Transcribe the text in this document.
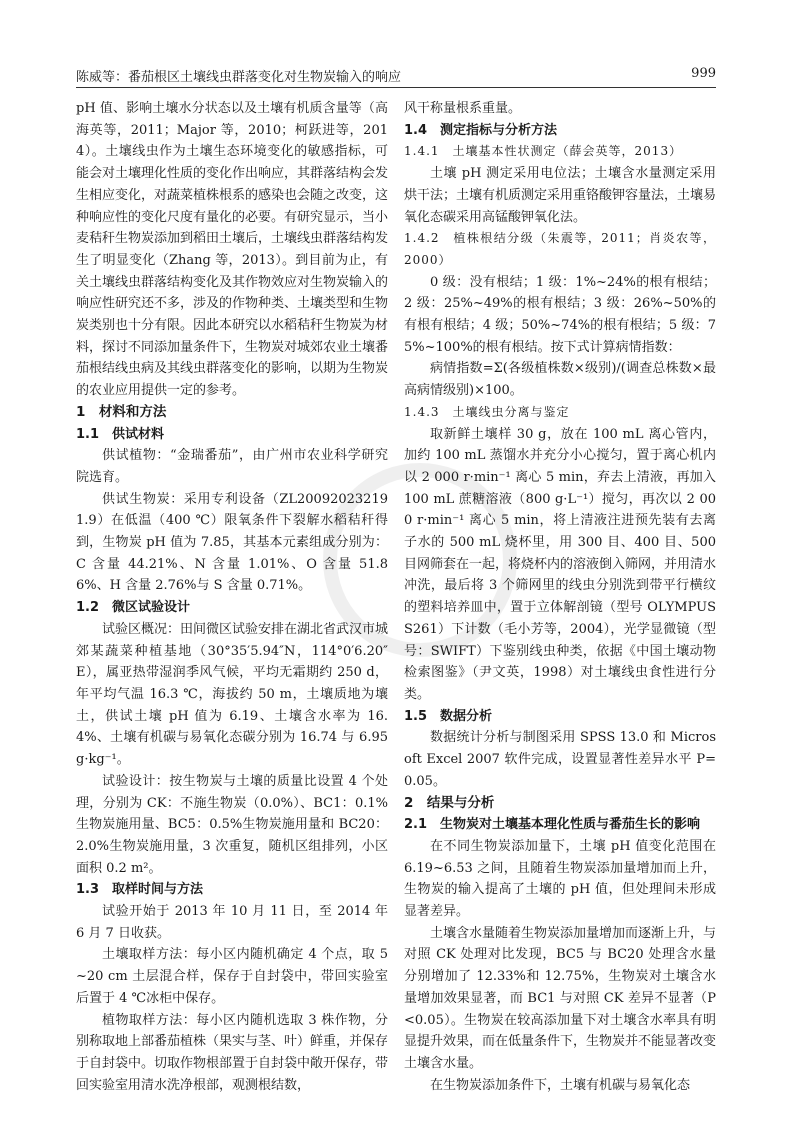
陈威等：番茄根区土壤线虫群落变化对生物炭输入的响应	999

pH 值、影响土壤水分状态以及土壤有机质含量等（高海英等，2011；Major 等，2010；柯跃进等，2014）。土壤线虫作为土壤生态环境变化的敏感指标，可能会对土壤理化性质的变化作出响应，其群落结构会发生相应变化，对蔬菜植株根系的感染也会随之改变，这种响应性的变化尺度有量化的必要。有研究显示，当小麦秸秆生物炭添加到稻田土壤后，土壤线虫群落结构发生了明显变化（Zhang 等，2013）。到目前为止，有关土壤线虫群落结构变化及其作物效应对生物炭输入的响应性研究还不多，涉及的作物种类、土壤类型和生物炭类别也十分有限。因此本研究以水稻秸秆生物炭为材料，探讨不同添加量条件下，生物炭对城郊农业土壤番茄根结线虫病及其线虫群落变化的影响，以期为生物炭的农业应用提供一定的参考。

1　材料和方法

1.1　供试材料

供试植物：“金瑞番茄”，由广州市农业科学研究院选育。

供试生物炭：采用专利设备（ZL200920232191.9）在低温（400 ℃）限氧条件下裂解水稻秸秆得到，生物炭 pH 值为 7.85，其基本元素组成分别为：C 含量 44.21%、N 含量 1.01%、O 含量 51.86%、H 含量 2.76%与 S 含量 0.71%。

1.2　微区试验设计

试验区概况：田间微区试验安排在湖北省武汉市城郊某蔬菜种植基地（30°35′5.94″N，114°0′6.20″E），属亚热带湿润季风气候，平均无霜期约 250 d，年平均气温 16.3 ℃，海拔约 50 m，土壤质地为壤土，供试土壤 pH 值为 6.19、土壤含水率为 16.4%、土壤有机碳与易氧化态碳分别为 16.74 与 6.95 g·kg⁻¹。

试验设计：按生物炭与土壤的质量比设置 4 个处理，分别为 CK：不施生物炭（0.0%）、BC1：0.1%生物炭施用量、BC5：0.5%生物炭施用量和 BC20：2.0%生物炭施用量，3 次重复，随机区组排列，小区面积 0.2 m²。

1.3　取样时间与方法

试验开始于 2013 年 10 月 11 日，至 2014 年 6 月 7 日收获。

土壤取样方法：每小区内随机确定 4 个点，取 5~20 cm 土层混合样，保存于自封袋中，带回实验室后置于 4 ℃冰柜中保存。

植物取样方法：每小区内随机选取 3 株作物，分别称取地上部番茄植株（果实与茎、叶）鲜重，并保存于自封袋中。切取作物根部置于自封袋中敞开保存，带回实验室用清水洗净根部，观测根结数，

风干称量根系重量。

1.4　测定指标与分析方法

1.4.1　土壤基本性状测定（薛会英等，2013）

土壤 pH 测定采用电位法；土壤含水量测定采用烘干法；土壤有机质测定采用重铬酸钾容量法，土壤易氧化态碳采用高锰酸钾氧化法。

1.4.2　植株根结分级（朱震等，2011；肖炎农等，2000）

0 级：没有根结；1 级：1%~24%的根有根结；2 级：25%~49%的根有根结；3 级：26%~50%的有根有根结；4 级；50%~74%的根有根结；5 级：75%~100%的根有根结。按下式计算病情指数：

病情指数=Σ(各级植株数×级别)/(调查总株数×最高病情级别)×100。

1.4.3　土壤线虫分离与鉴定

取新鲜土壤样 30 g，放在 100 mL 离心管内，加约 100 mL 蒸馏水并充分小心搅匀，置于离心机内以 2 000 r·min⁻¹ 离心 5 min，弃去上清液，再加入 100 mL 蔗糖溶液（800 g·L⁻¹）搅匀，再次以 2 000 r·min⁻¹ 离心 5 min，将上清液注进预先装有去离子水的 500 mL 烧杯里，用 300 目、400 目、500 目网筛套在一起，将烧杯内的溶液倒入筛网，并用清水冲洗，最后将 3 个筛网里的线虫分别洗到带平行横纹的塑料培养皿中，置于立体解剖镜（型号 OLYMPUS S261）下计数（毛小芳等，2004），光学显微镜（型号：SWIFT）下鉴别线虫种类，依据《中国土壤动物检索图鉴》（尹文英，1998）对土壤线虫食性进行分类。

1.5　数据分析

数据统计分析与制图采用 SPSS 13.0 和 Microsoft Excel 2007 软件完成，设置显著性差异水平 P=0.05。

2　结果与分析

2.1　生物炭对土壤基本理化性质与番茄生长的影响

在不同生物炭添加量下，土壤 pH 值变化范围在 6.19~6.53 之间，且随着生物炭添加量增加而上升，生物炭的输入提高了土壤的 pH 值，但处理间未形成显著差异。

土壤含水量随着生物炭添加量增加而逐渐上升，与对照 CK 处理对比发现，BC5 与 BC20 处理含水量分别增加了 12.33%和 12.75%，生物炭对土壤含水量增加效果显著，而 BC1 与对照 CK 差异不显著（P<0.05）。生物炭在较高添加量下对土壤含水率具有明显提升效果，而在低量条件下，生物炭并不能显著改变土壤含水量。

在生物炭添加条件下，土壤有机碳与易氧化态
